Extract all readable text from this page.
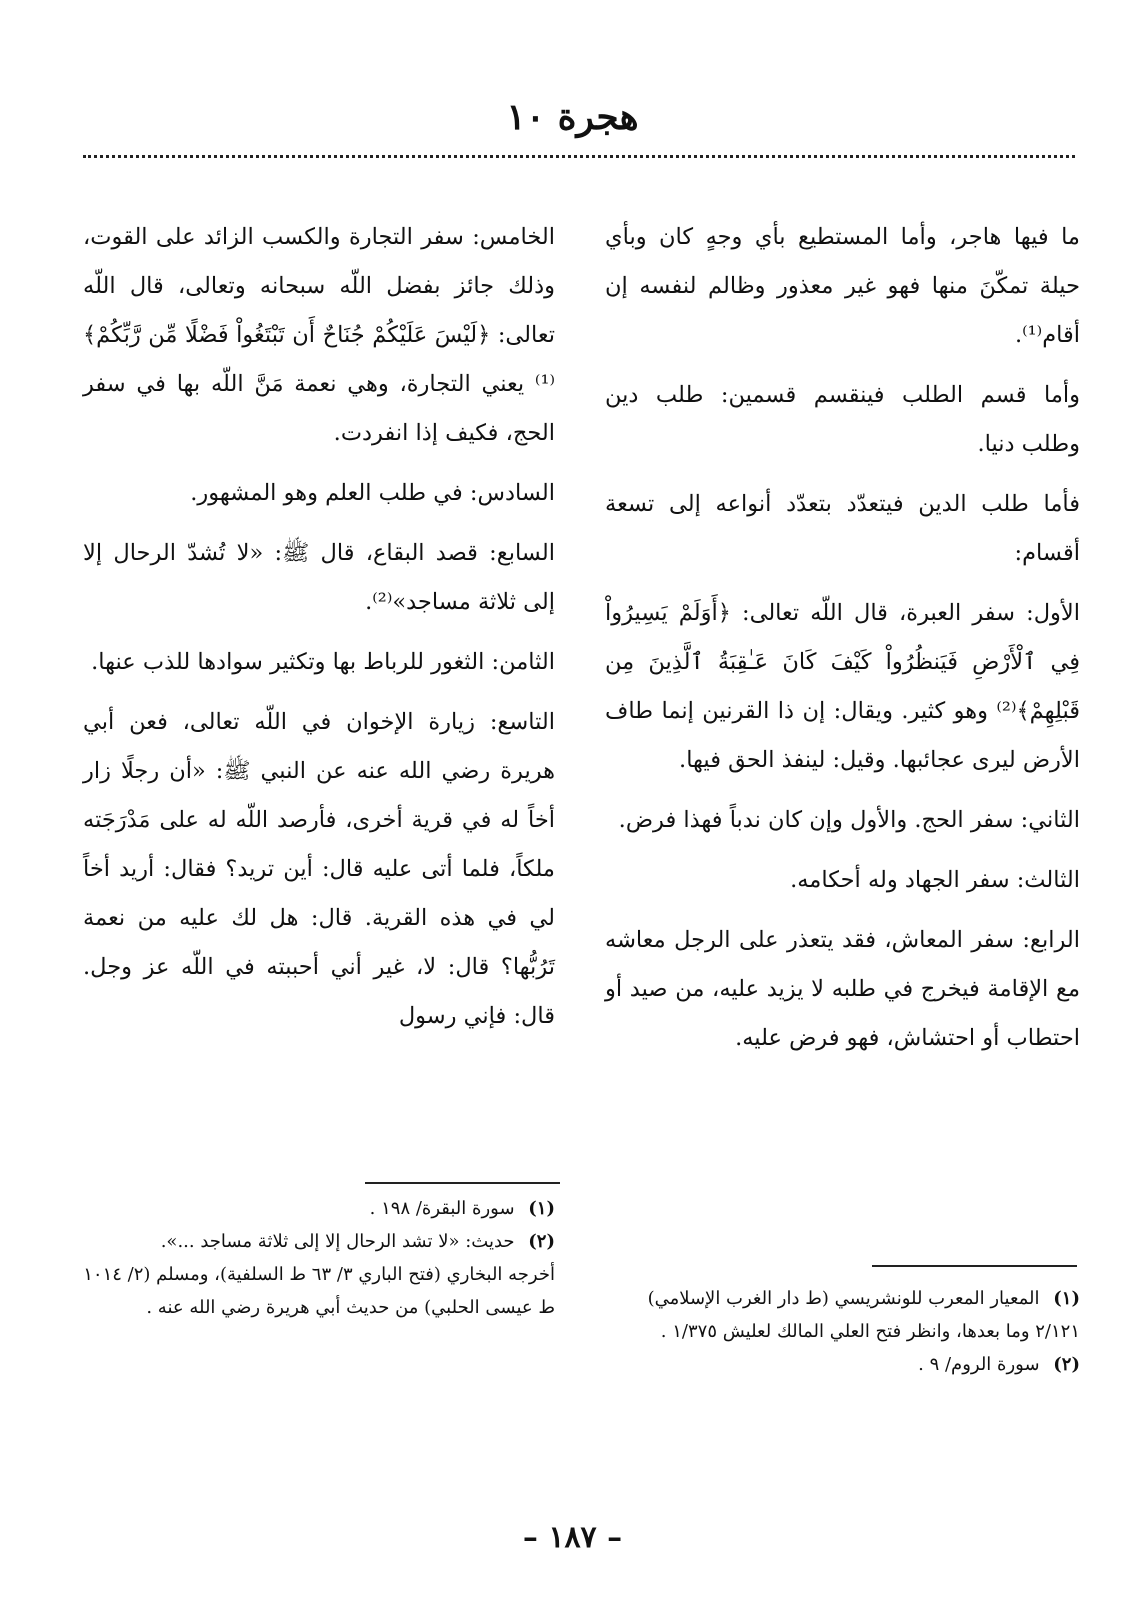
هجرة ١٠

ما فيها هاجر، وأما المستطيع بأي وجهٍ كان وبأي حيلة تمكّنَ منها فهو غير معذور وظالم لنفسه إن أقام⁽¹⁾.

وأما قسم الطلب فينقسم قسمين: طلب دين وطلب دنيا.

فأما طلب الدين فيتعدّد بتعدّد أنواعه إلى تسعة أقسام:

الأول: سفر العبرة، قال اللّه تعالى: ﴿أَوَلَمْ يَسِيرُواْ فِي ٱلْأَرْضِ فَيَنظُرُواْ كَيْفَ كَانَ عَـٰقِبَةُ ٱلَّذِينَ مِن قَبْلِهِمْ﴾⁽²⁾ وهو كثير. ويقال: إن ذا القرنين إنما طاف الأرض ليرى عجائبها. وقيل: لينفذ الحق فيها.

الثاني: سفر الحج. والأول وإن كان ندباً فهذا فرض.

الثالث: سفر الجهاد وله أحكامه.

الرابع: سفر المعاش، فقد يتعذر على الرجل معاشه مع الإقامة فيخرج في طلبه لا يزيد عليه، من صيد أو احتطاب أو احتشاش، فهو فرض عليه.

(١) المعيار المعرب للونشريسي (ط دار الغرب الإسلامي) ٢/١٢١ وما بعدها، وانظر فتح العلي المالك لعليش ١/٣٧٥ .

(٢) سورة الروم/ ٩ .

الخامس: سفر التجارة والكسب الزائد على القوت، وذلك جائز بفضل اللّه سبحانه وتعالى، قال اللّه تعالى: ﴿لَيْسَ عَلَيْكُمْ جُنَاحٌ أَن تَبْتَغُواْ فَضْلًا مِّن رَّبِّكُمْ﴾⁽¹⁾ يعني التجارة، وهي نعمة مَنَّ اللّه بها في سفر الحج، فكيف إذا انفردت.

السادس: في طلب العلم وهو المشهور.

السابع: قصد البقاع، قال ﷺ: «لا تُشدّ الرحال إلا إلى ثلاثة مساجد»⁽²⁾.

الثامن: الثغور للرباط بها وتكثير سوادها للذب عنها.

التاسع: زيارة الإخوان في اللّه تعالى، فعن أبي هريرة رضي الله عنه عن النبي ﷺ: «أن رجلًا زار أخاً له في قرية أخرى، فأرصد اللّه له على مَدْرَجَته ملكاً، فلما أتى عليه قال: أين تريد؟ فقال: أريد أخاً لي في هذه القرية. قال: هل لك عليه من نعمة تَرُبُّها؟ قال: لا، غير أني أحببته في اللّه عز وجل. قال: فإني رسول

(١) سورة البقرة/ ١٩٨ .

(٢) حديث: «لا تشد الرحال إلا إلى ثلاثة مساجد ...».

أخرجه البخاري (فتح الباري ٣/ ٦٣ ط السلفية)، ومسلم (٢/ ١٠١٤ ط عيسى الحلبي) من حديث أبي هريرة رضي الله عنه .

– ١٨٧ –
